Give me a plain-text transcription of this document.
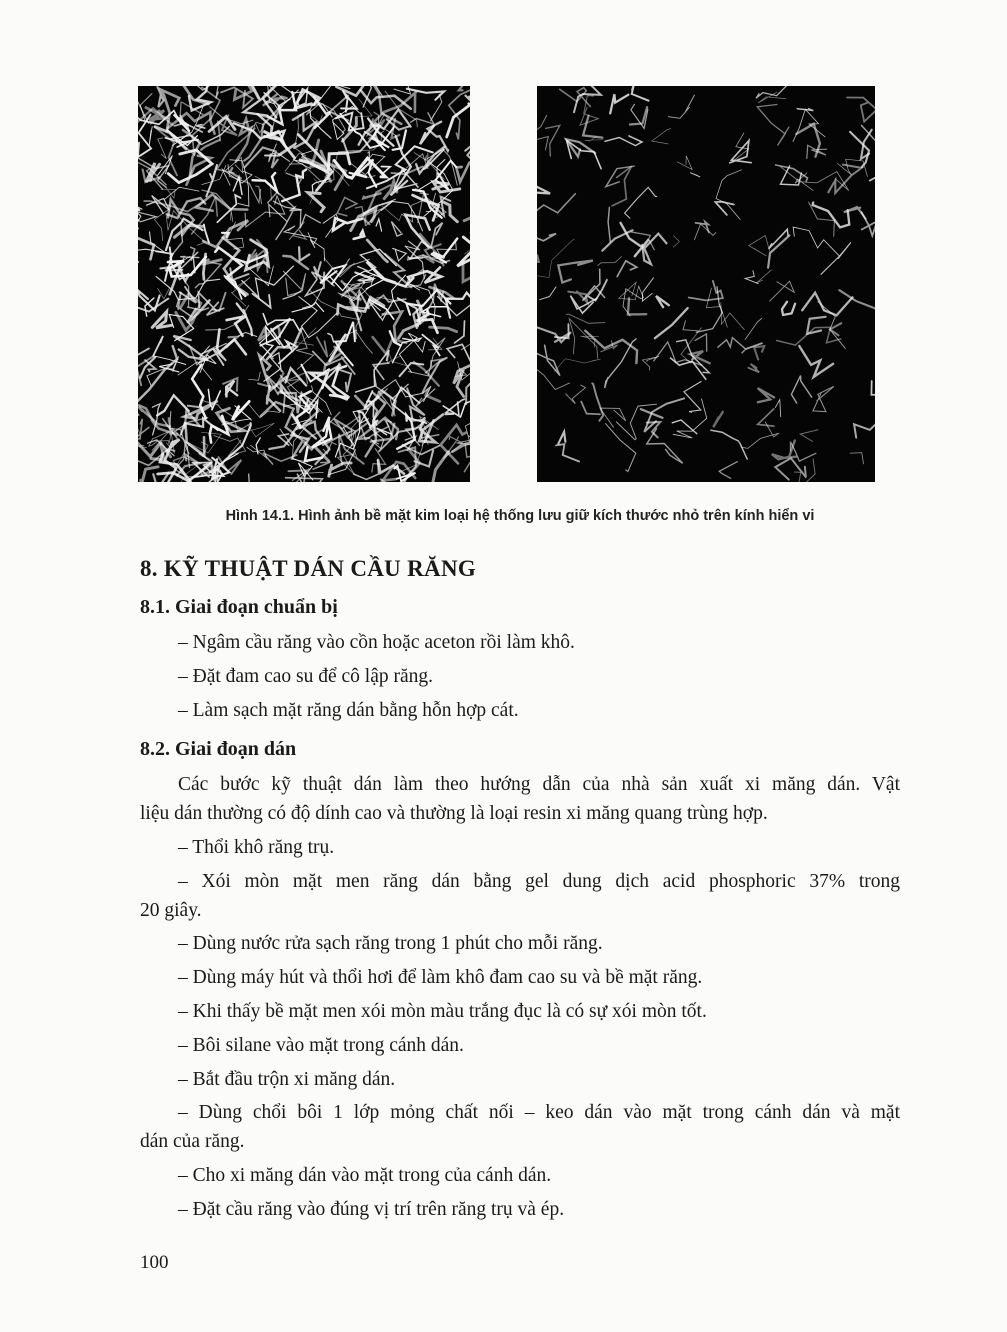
Hình 14.1. Hình ảnh bề mặt kim loại hệ thống lưu giữ kích thước nhỏ trên kính hiển vi
8. KỸ THUẬT DÁN CẦU RĂNG
8.1. Giai đoạn chuẩn bị
– Ngâm cầu răng vào cồn hoặc aceton rồi làm khô.
– Đặt đam cao su để cô lập răng.
– Làm sạch mặt răng dán bằng hỗn hợp cát.
8.2. Giai đoạn dán
Các bước kỹ thuật dán làm theo hướng dẫn của nhà sản xuất xi măng dán. Vật
liệu dán thường có độ dính cao và thường là loại resin xi măng quang trùng hợp.
– Thổi khô răng trụ.
– Xói mòn mặt men răng dán bằng gel dung dịch acid phosphoric 37% trong
20 giây.
– Dùng nước rửa sạch răng trong 1 phút cho mỗi răng.
– Dùng máy hút và thổi hơi để làm khô đam cao su và bề mặt răng.
– Khi thấy bề mặt men xói mòn màu trắng đục là có sự xói mòn tốt.
– Bôi silane vào mặt trong cánh dán.
– Bắt đầu trộn xi măng dán.
– Dùng chổi bôi 1 lớp mỏng chất nối – keo dán vào mặt trong cánh dán và mặt
dán của răng.
– Cho xi măng dán vào mặt trong của cánh dán.
– Đặt cầu răng vào đúng vị trí trên răng trụ và ép.
100
